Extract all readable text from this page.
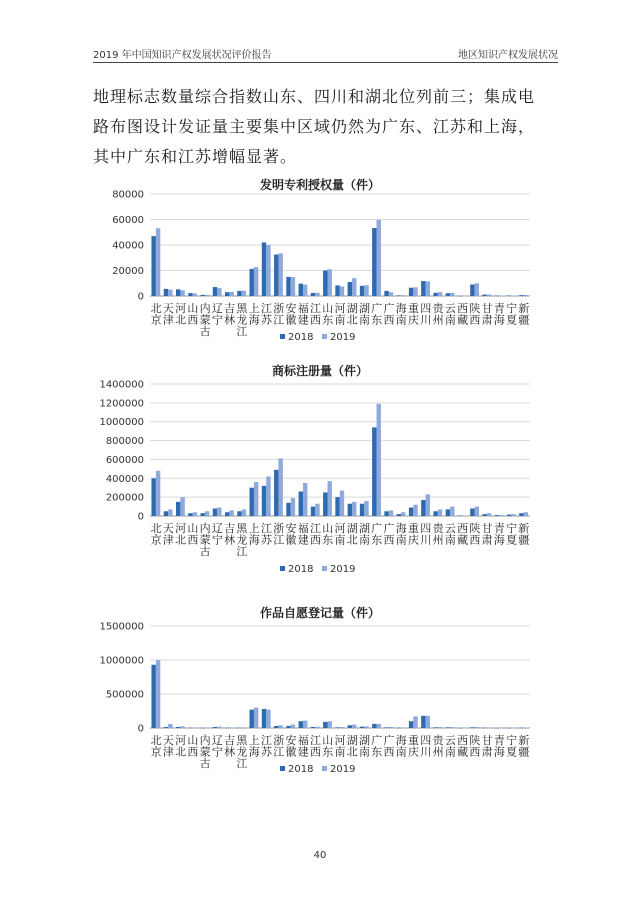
2019 年中国知识产权发展状况评价报告	地区知识产权发展状况
地理标志数量综合指数山东、四川和湖北位列前三；集成电路布图设计发证量主要集中区域仍然为广东、江苏和上海，其中广东和江苏增幅显著。
发明专利授权量（件）
80000
60000
40000
20000
0
北
京
天
津
河
北
山
西
内
蒙
古
辽
宁
吉
林
黑
龙
江
上
海
江
苏
浙
江
安
徽
福
建
江
西
山
东
河
南
湖
北
湖
南
广
东
广
西
海
南
重
庆
四
川
贵
州
云
南
西
藏
陕
西
甘
肃
青
海
宁
夏
新
疆
2018 2019
商标注册量（件）
1400000
1200000
1000000
800000
600000
400000
200000
0
北
京
天
津
河
北
山
西
内
蒙
古
辽
宁
吉
林
黑
龙
江
上
海
江
苏
浙
江
安
徽
福
建
江
西
山
东
河
南
湖
北
湖
南
广
东
广
西
海
南
重
庆
四
川
贵
州
云
南
西
藏
陕
西
甘
肃
青
海
宁
夏
新
疆
2018 2019
作品自愿登记量（件）
1500000
1000000
500000
0
北
京
天
津
河
北
山
西
内
蒙
古
辽
宁
吉
林
黑
龙
江
上
海
江
苏
浙
江
安
徽
福
建
江
西
山
东
河
南
湖
北
湖
南
广
东
广
西
海
南
重
庆
四
川
贵
州
云
南
西
藏
陕
西
甘
肃
青
海
宁
夏
新
疆
2018 2019
40
